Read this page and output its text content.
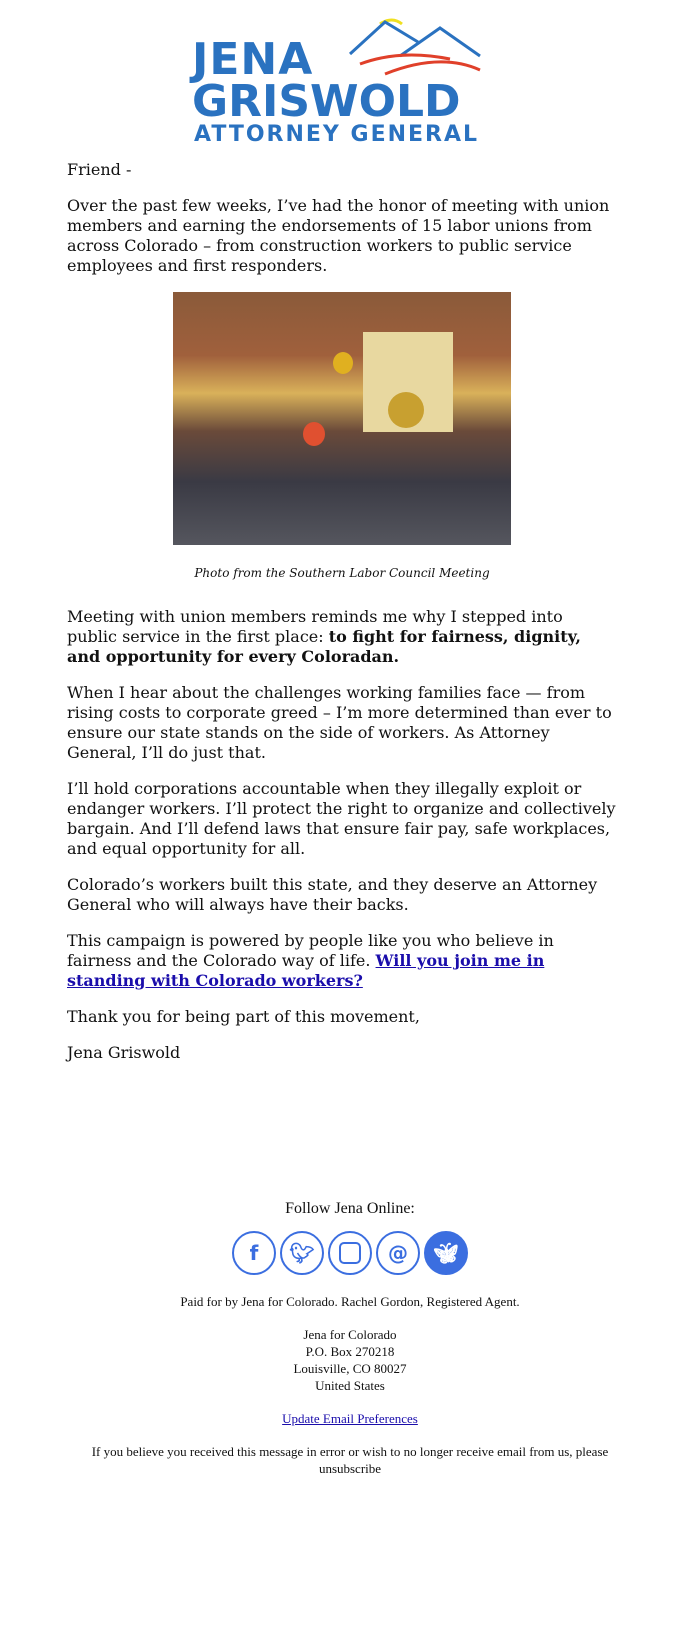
JENA
GRISWOLD
ATTORNEY GENERAL

Friend -

Over the past few weeks, I’ve had the honor of meeting with union members and earning the endorsements of 15 labor unions from across Colorado – from construction workers to public service employees and first responders.

Photo from the Southern Labor Council Meeting

Meeting with union members reminds me why I stepped into public service in the first place: to fight for fairness, dignity, and opportunity for every Coloradan.

When I hear about the challenges working families face — from rising costs to corporate greed – I’m more determined than ever to ensure our state stands on the side of workers. As Attorney General, I’ll do just that.

I’ll hold corporations accountable when they illegally exploit or endanger workers. I’ll protect the right to organize and collectively bargain. And I’ll defend laws that ensure fair pay, safe workplaces, and equal opportunity for all.

Colorado’s workers built this state, and they deserve an Attorney General who will always have their backs.

This campaign is powered by people like you who believe in fairness and the Colorado way of life. Will you join me in standing with Colorado workers?

Thank you for being part of this movement,

Jena Griswold

Follow Jena Online:
f	🐦︎	@	🦋︎
Paid for by Jena for Colorado. Rachel Gordon, Registered Agent.
Jena for Colorado
P.O. Box 270218
Louisville, CO 80027
United States
Update Email Preferences
If you believe you received this message in error or wish to no longer receive email from us, please unsubscribe
